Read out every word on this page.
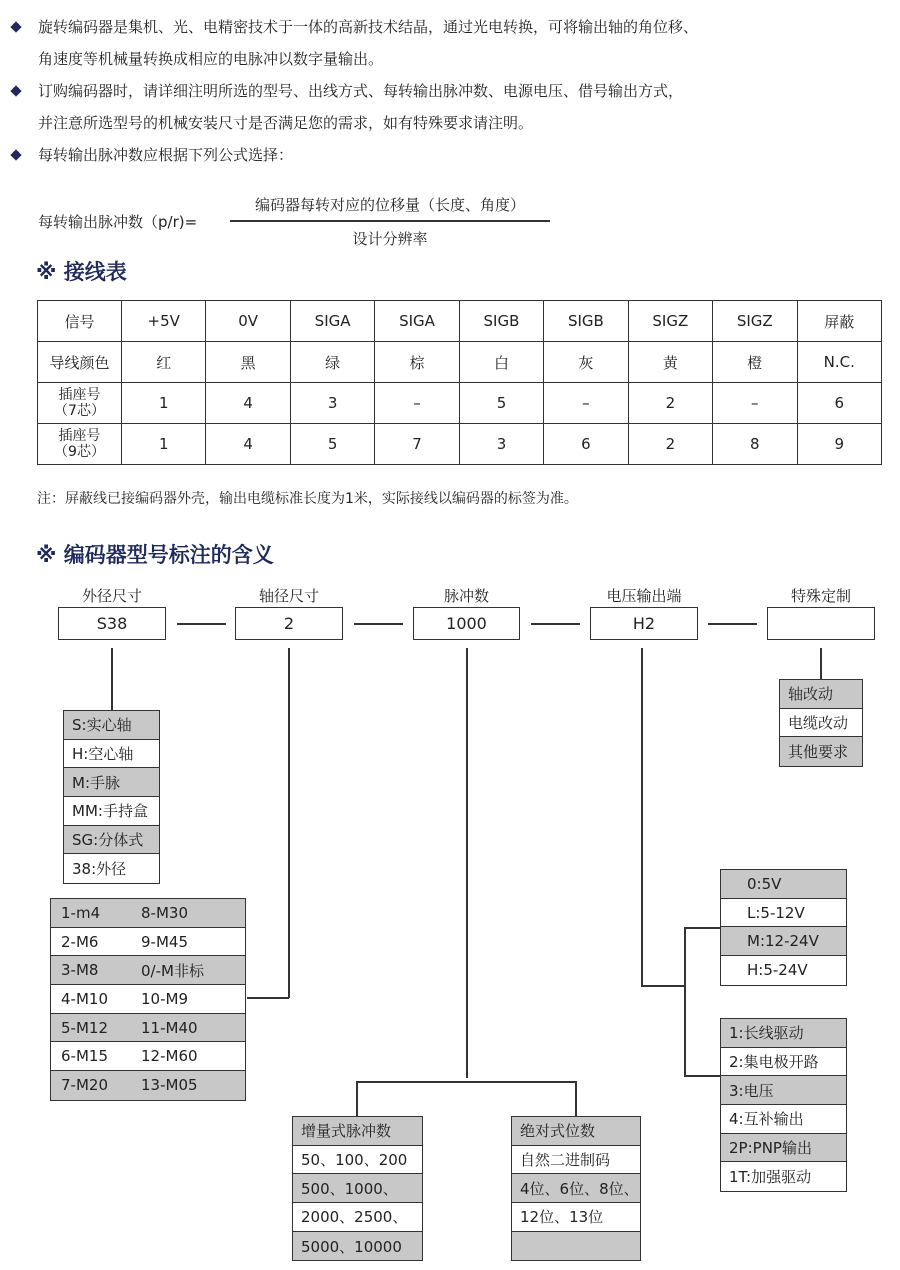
旋转编码器是集机、光、电精密技术于一体的高新技术结晶，通过光电转换，可将输出轴的角位移、
角速度等机械量转换成相应的电脉冲以数字量输出。
订购编码器时，请详细注明所选的型号、出线方式、每转输出脉冲数、电源电压、借号输出方式，
并注意所选型号的机械安装尺寸是否满足您的需求，如有特殊要求请注明。
每转输出脉冲数应根据下列公式选择：
每转输出脉冲数（p/r)=
编码器每转对应的位移量（长度、角度）
设计分辨率
※ 接线表
信号	+5V	0V	SIGA	SIGA	SIGB	SIGB	SIGZ	SIGZ	屏蔽
导线颜色	红	黑	绿	棕	白	灰	黄	橙	N.C.
插座号
（7芯）	1	4	3	–	5	–	2	–	6
插座号
（9芯）	1	4	5	7	3	6	2	8	9
注：屏蔽线已接编码器外壳，输出电缆标准长度为1米，实际接线以编码器的标签为准。
※ 编码器型号标注的含义
外径尺寸	轴径尺寸	脉冲数	电压输出端	特殊定制
S38	2	1000	H2
S:实心轴
H:空心轴
M:手脉
MM:手持盒
SG:分体式
38:外径
1-m4	8-M30
2-M6	9-M45
3-M8	0/-M非标
4-M10	10-M9
5-M12	11-M40
6-M15	12-M60
7-M20	13-M05
增量式脉冲数
50、100、200
500、1000、
2000、2500、
5000、10000
绝对式位数
自然二进制码
4位、6位、8位、
12位、13位
0:5V
L:5-12V
M:12-24V
H:5-24V
1:长线驱动
2:集电极开路
3:电压
4:互补输出
2P:PNP输出
1T:加强驱动
轴改动
电缆改动
其他要求
